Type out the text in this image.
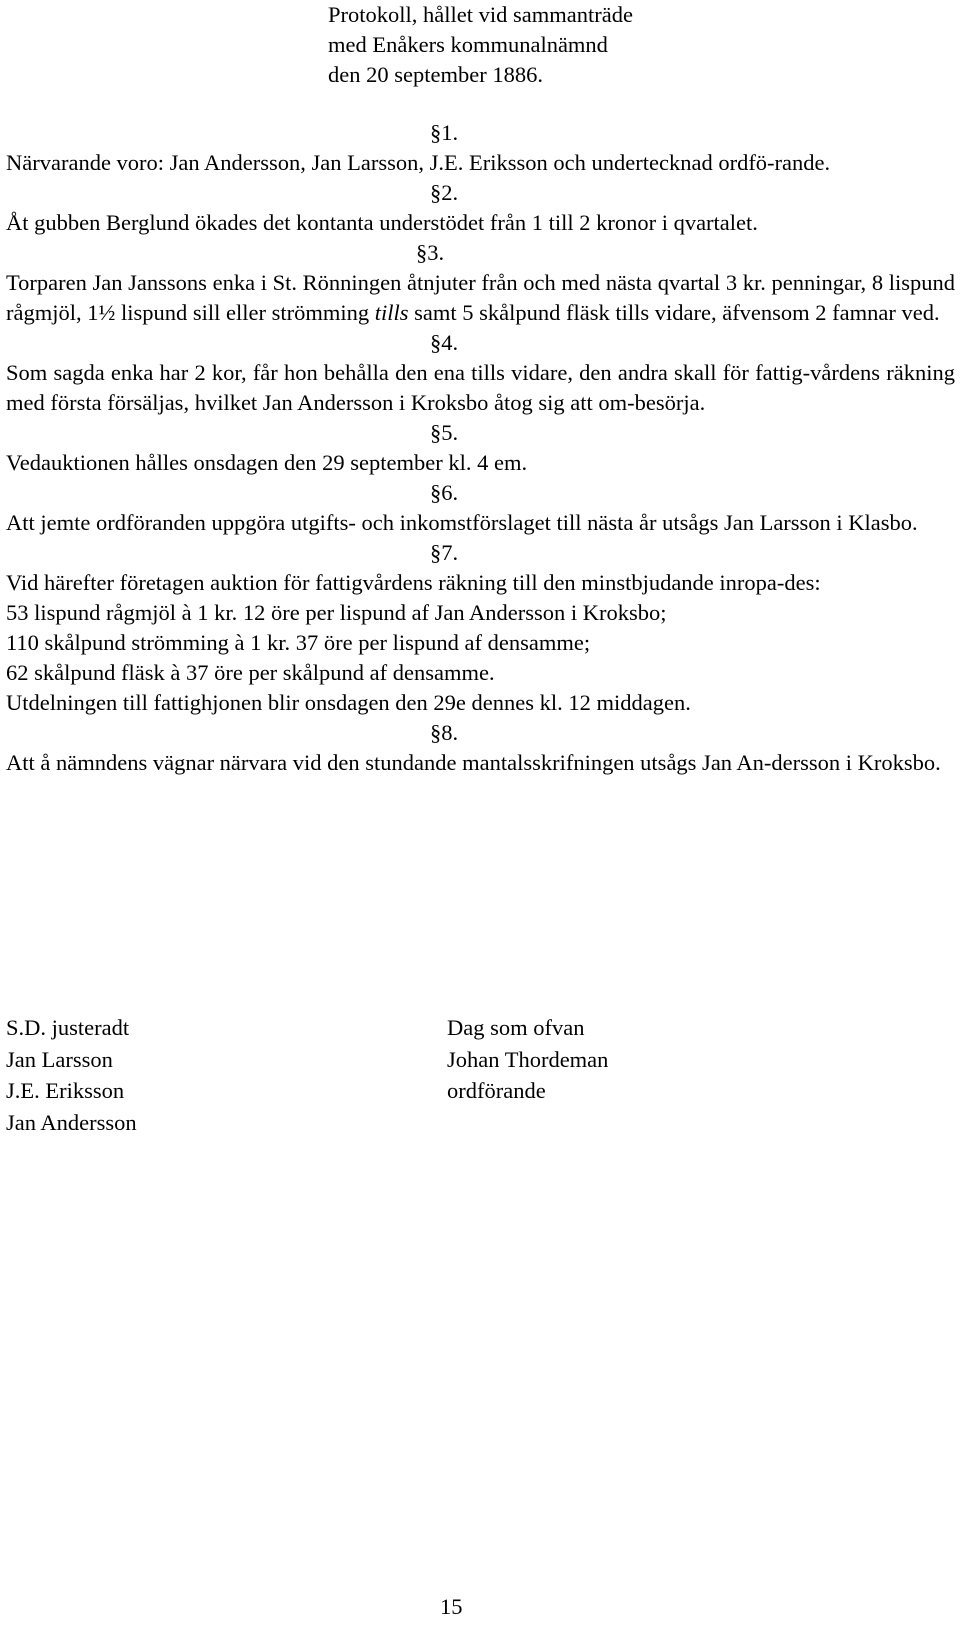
Protokoll, hållet vid sammanträde
med Enåkers kommunalnämnd
den 20 september 1886.
§1.
Närvarande voro: Jan Andersson, Jan Larsson, J.E. Eriksson och undertecknad ordfö-rande.
§2.
Åt gubben Berglund ökades det kontanta understödet från 1 till 2 kronor i qvartalet.
§3.
Torparen Jan Janssons enka i St. Rönningen åtnjuter från och med nästa qvartal 3 kr. penningar, 8 lispund rågmjöl, 1½ lispund sill eller strömming tills samt 5 skålpund fläsk tills vidare, äfvensom 2 famnar ved.
§4.
Som sagda enka har 2 kor, får hon behålla den ena tills vidare, den andra skall för fattig-vårdens räkning med första försäljas, hvilket Jan Andersson i Kroksbo åtog sig att om-besörja.
§5.
Vedauktionen hålles onsdagen den 29 september kl. 4 em.
§6.
Att jemte ordföranden uppgöra utgifts- och inkomstförslaget till nästa år utsågs Jan Larsson i Klasbo.
§7.
Vid härefter företagen auktion för fattigvårdens räkning till den minstbjudande inropa-des:
53 lispund rågmjöl à 1 kr. 12 öre per lispund af Jan Andersson i Kroksbo;
110 skålpund strömming à 1 kr. 37 öre per lispund af densamme;
62 skålpund fläsk à 37 öre per skålpund af densamme.
Utdelningen till fattighjonen blir onsdagen den 29e dennes kl. 12 middagen.
§8.
Att å nämndens vägnar närvara vid den stundande mantalsskrifningen utsågs Jan An-dersson i Kroksbo.
S.D. justeradt
Jan Larsson
J.E. Eriksson
Jan Andersson
Dag som ofvan
Johan Thordeman
ordförande
15
